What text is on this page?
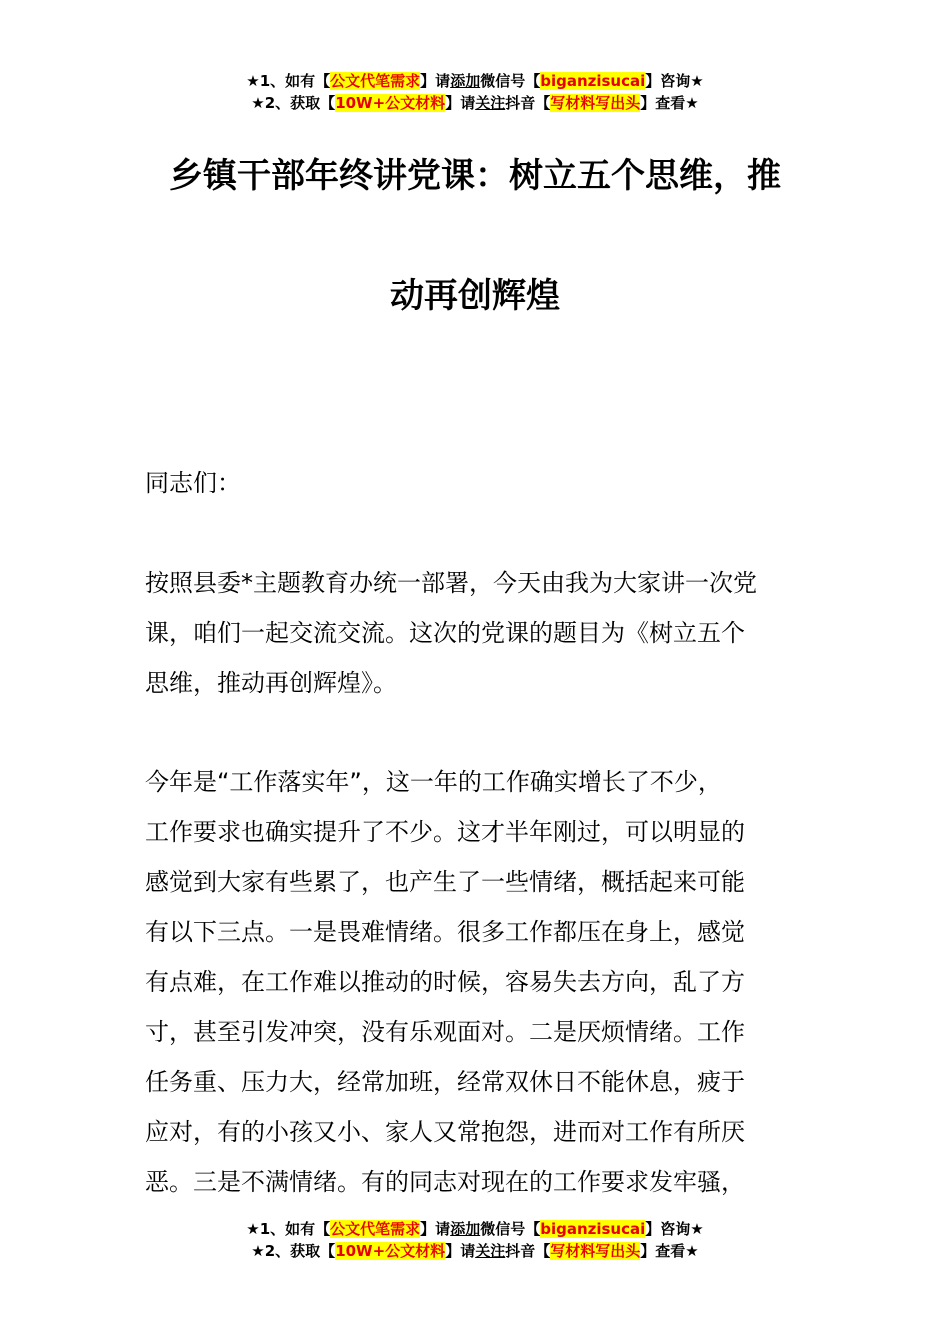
★1、如有【公文代笔需求】请添加微信号【biganzisucai】咨询★
★2、获取【10W+公文材料】请关注抖音【写材料写出头】查看★
乡镇干部年终讲党课：树立五个思维，推
动再创辉煌
同志们：

按照县委*主题教育办统一部署，今天由我为大家讲一次党
课，咱们一起交流交流。这次的党课的题目为《树立五个
思维，推动再创辉煌》。

今年是“工作落实年”，这一年的工作确实增长了不少，
工作要求也确实提升了不少。这才半年刚过，可以明显的
感觉到大家有些累了，也产生了一些情绪，概括起来可能
有以下三点。一是畏难情绪。很多工作都压在身上，感觉
有点难，在工作难以推动的时候，容易失去方向，乱了方
寸，甚至引发冲突，没有乐观面对。二是厌烦情绪。工作
任务重、压力大，经常加班，经常双休日不能休息，疲于
应对，有的小孩又小、家人又常抱怨，进而对工作有所厌
恶。三是不满情绪。有的同志对现在的工作要求发牢骚，

★1、如有【公文代笔需求】请添加微信号【biganzisucai】咨询★
★2、获取【10W+公文材料】请关注抖音【写材料写出头】查看★
